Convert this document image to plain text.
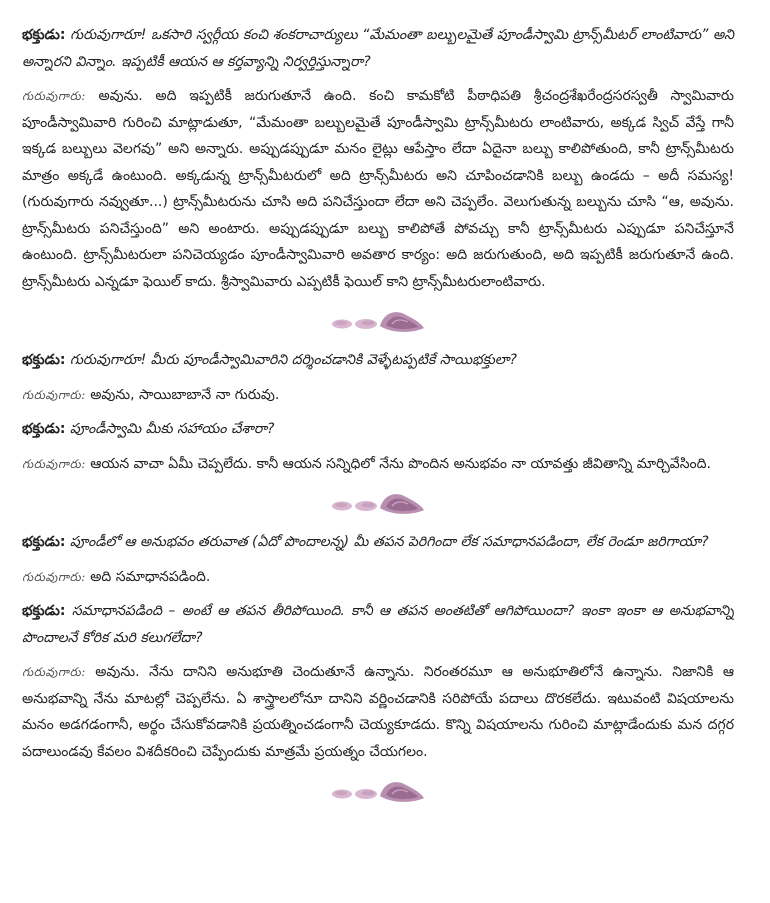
భక్తుడు: గురువుగారూ! ఒకసారి స్వర్గీయ కంచి శంకరాచార్యులు “మేమంతా బల్బులమైతే పూండీస్వామి ట్రాన్స్‌మీటర్ లాంటివారు” అని అన్నారని విన్నాం. ఇప్పటికీ ఆయన ఆ కర్తవ్యాన్ని నిర్వర్తిస్తున్నారా?

గురువుగారు: అవును. అది ఇప్పటికీ జరుగుతూనే ఉంది. కంచి కామకోటి పీఠాధిపతి శ్రీచంద్రశేఖరేంద్రసరస్వతీ స్వామివారు పూండీస్వామివారి గురించి మాట్లాడుతూ, “మేమంతా బల్బులమైతే పూండీస్వామి ట్రాన్స్‌మీటరు లాంటివారు, అక్కడ స్విచ్ వేస్తే గానీ ఇక్కడ బల్బులు వెలగవు” అని అన్నారు. అప్పుడప్పుడూ మనం లైట్లు ఆపేస్తాం లేదా ఏదైనా బల్బు కాలిపోతుంది, కానీ ట్రాన్స్‌మీటరు మాత్రం అక్కడే ఉంటుంది. అక్కడున్న ట్రాన్స్‌మీటరులో అది ట్రాన్స్‌మీటరు అని చూపించడానికి బల్బు ఉండదు – అదీ సమస్య! (గురువుగారు నవ్వుతూ...) ట్రాన్స్‌మీటరును చూసి అది పనిచేస్తుందా లేదా అని చెప్పలేం. వెలుగుతున్న బల్బును చూసి “ఆ, అవును. ట్రాన్స్‌మీటరు పనిచేస్తుంది” అని అంటారు. అప్పుడప్పుడూ బల్బు కాలిపోతే పోవచ్చు కానీ ట్రాన్స్‌మీటరు ఎప్పుడూ పనిచేస్తూనే ఉంటుంది. ట్రాన్స్‌మీటరులా పనిచెయ్యడం పూండీస్వామివారి అవతార కార్యం: అది జరుగుతుంది, అది ఇప్పటికీ జరుగుతూనే ఉంది. ట్రాన్స్‌మీటరు ఎన్నడూ ఫెయిల్ కాదు. శ్రీస్వామివారు ఎప్పటికీ ఫెయిల్ కాని ట్రాన్స్‌మీటరులాంటివారు.

భక్తుడు: గురువుగారూ! మీరు పూండీస్వామివారిని దర్శించడానికి వెళ్ళేటప్పటికే సాయిభక్తులా?

గురువుగారు: అవును, సాయిబాబానే నా గురువు.

భక్తుడు: పూండీస్వామి మీకు సహాయం చేశారా?

గురువుగారు: ఆయన వాచా ఏమీ చెప్పలేదు. కానీ ఆయన సన్నిధిలో నేను పొందిన అనుభవం నా యావత్తు జీవితాన్ని మార్చివేసింది.

భక్తుడు: పూండీలో ఆ అనుభవం తరువాత (ఏదో పొందాలన్న) మీ తపన పెరిగిందా లేక సమాధానపడిందా, లేక రెండూ జరిగాయా?

గురువుగారు: అది సమాధానపడింది.

భక్తుడు: సమాధానపడింది – అంటే ఆ తపన తీరిపోయింది. కానీ ఆ తపన అంతటితో ఆగిపోయిందా? ఇంకా ఇంకా ఆ అనుభవాన్ని పొందాలనే కోరిక మరి కలుగలేదా?

గురువుగారు: అవును. నేను దానిని అనుభూతి చెందుతూనే ఉన్నాను. నిరంతరమూ ఆ అనుభూతిలోనే ఉన్నాను. నిజానికి ఆ అనుభవాన్ని నేను మాటల్లో చెప్పలేను. ఏ శాస్త్రాలలోనూ దానిని వర్ణించడానికి సరిపోయే పదాలు దొరకలేదు. ఇటువంటి విషయాలను మనం అడగడంగానీ, అర్థం చేసుకోవడానికి ప్రయత్నించడంగానీ చెయ్యకూడదు. కొన్ని విషయాలను గురించి మాట్లాడేందుకు మన దగ్గర పదాలుండవు కేవలం విశదీకరించి చెప్పేందుకు మాత్రమే ప్రయత్నం చేయగలం.
